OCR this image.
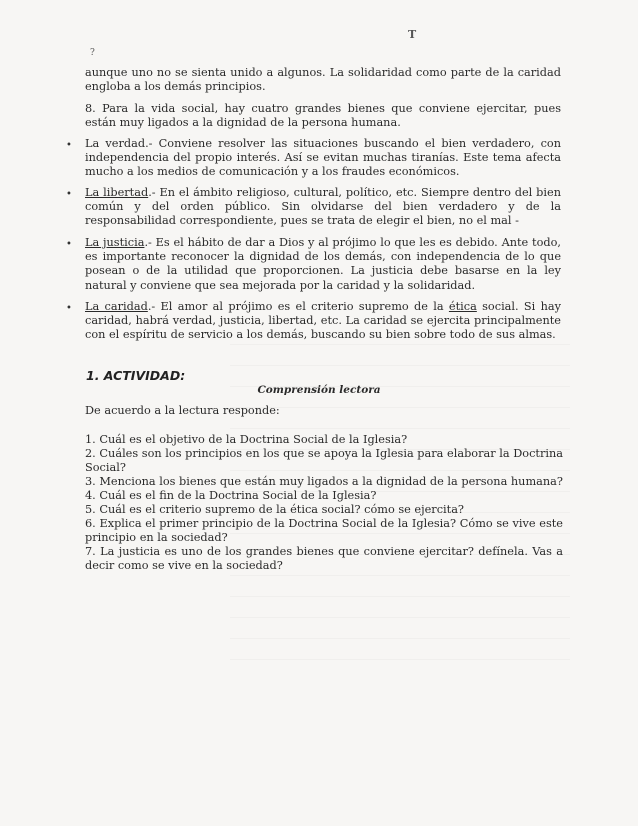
T
?

aunque uno no se sienta unido a algunos. La solidaridad como parte de la caridad engloba a los demás principios.

8. Para la vida social, hay cuatro grandes bienes que conviene ejercitar, pues están muy ligados a la dignidad de la persona humana.

• La verdad.- Conviene resolver las situaciones buscando el bien verdadero, con independencia del propio interés. Así se evitan muchas tiranías. Este tema afecta mucho a los medios de comunicación y a los fraudes económicos.

• La libertad.- En el ámbito religioso, cultural, político, etc. Siempre dentro del bien común y del orden público. Sin olvidarse del bien verdadero y de la responsabilidad correspondiente, pues se trata de elegir el bien, no el mal -

• La justicia.- Es el hábito de dar a Dios y al prójimo lo que les es debido. Ante todo, es importante reconocer la dignidad de los demás, con independencia de lo que posean o de la utilidad que proporcionen. La justicia debe basarse en la ley natural y conviene que sea mejorada por la caridad y la solidaridad.

• La caridad.- El amor al prójimo es el criterio supremo de la ética social. Si hay caridad, habrá verdad, justicia, libertad, etc. La caridad se ejercita principalmente con el espíritu de servicio a los demás, buscando su bien sobre todo de sus almas.

1. ACTIVIDAD:

Comprensión lectora

De acuerdo a la lectura responde:

1. Cuál es el objetivo de la Doctrina Social de la Iglesia?

2. Cuáles son los principios en los que se apoya la Iglesia para elaborar la Doctrina Social?

3. Menciona los bienes que están muy ligados a la dignidad de la persona humana?

4. Cuál es el fin de la Doctrina Social de la Iglesia?

5. Cuál es el criterio supremo de la ética social? cómo se ejercita?

6. Explica el primer principio de la Doctrina Social de la Iglesia? Cómo se vive este principio en la sociedad?

7. La justicia es uno de los grandes bienes que conviene ejercitar? defínela. Vas a decir como se vive en la sociedad?
